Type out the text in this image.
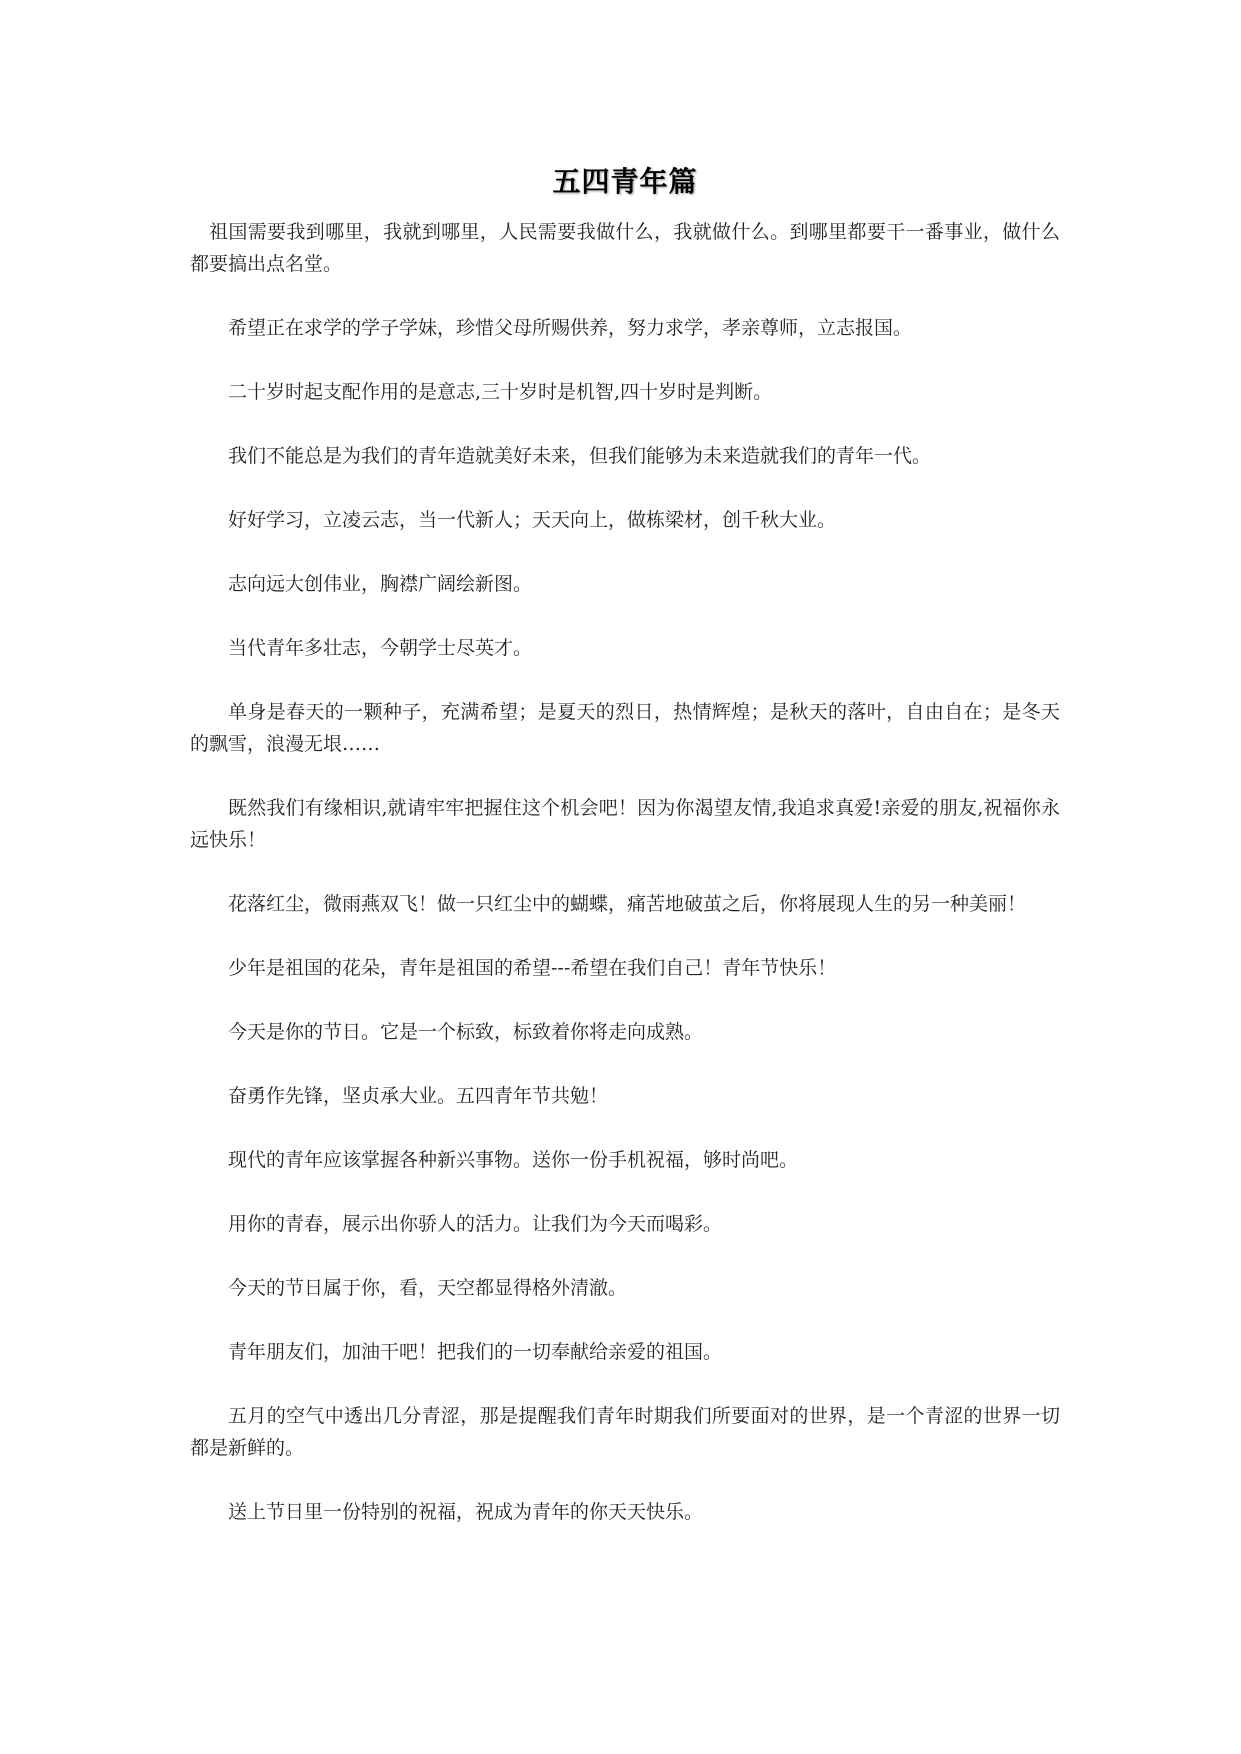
五四青年篇

祖国需要我到哪里，我就到哪里，人民需要我做什么，我就做什么。到哪里都要干一番事业，做什么都要搞出点名堂。

希望正在求学的学子学妹，珍惜父母所赐供养，努力求学，孝亲尊师，立志报国。

二十岁时起支配作用的是意志,三十岁时是机智,四十岁时是判断。

我们不能总是为我们的青年造就美好未来，但我们能够为未来造就我们的青年一代。

好好学习，立凌云志，当一代新人；天天向上，做栋梁材，创千秋大业。

志向远大创伟业，胸襟广阔绘新图。

当代青年多壮志，今朝学士尽英才。

单身是春天的一颗种子，充满希望；是夏天的烈日，热情辉煌；是秋天的落叶，自由自在；是冬天的飘雪，浪漫无垠……

既然我们有缘相识,就请牢牢把握住这个机会吧！因为你渴望友情,我追求真爱!亲爱的朋友,祝福你永远快乐！

花落红尘，微雨燕双飞！做一只红尘中的蝴蝶，痛苦地破茧之后，你将展现人生的另一种美丽！

少年是祖国的花朵，青年是祖国的希望---希望在我们自己！青年节快乐！

今天是你的节日。它是一个标致，标致着你将走向成熟。

奋勇作先锋，坚贞承大业。五四青年节共勉！

现代的青年应该掌握各种新兴事物。送你一份手机祝福，够时尚吧。

用你的青春，展示出你骄人的活力。让我们为今天而喝彩。

今天的节日属于你，看，天空都显得格外清澈。

青年朋友们，加油干吧！把我们的一切奉献给亲爱的祖国。

五月的空气中透出几分青涩，那是提醒我们青年时期我们所要面对的世界，是一个青涩的世界一切都是新鲜的。

送上节日里一份特别的祝福，祝成为青年的你天天快乐。
